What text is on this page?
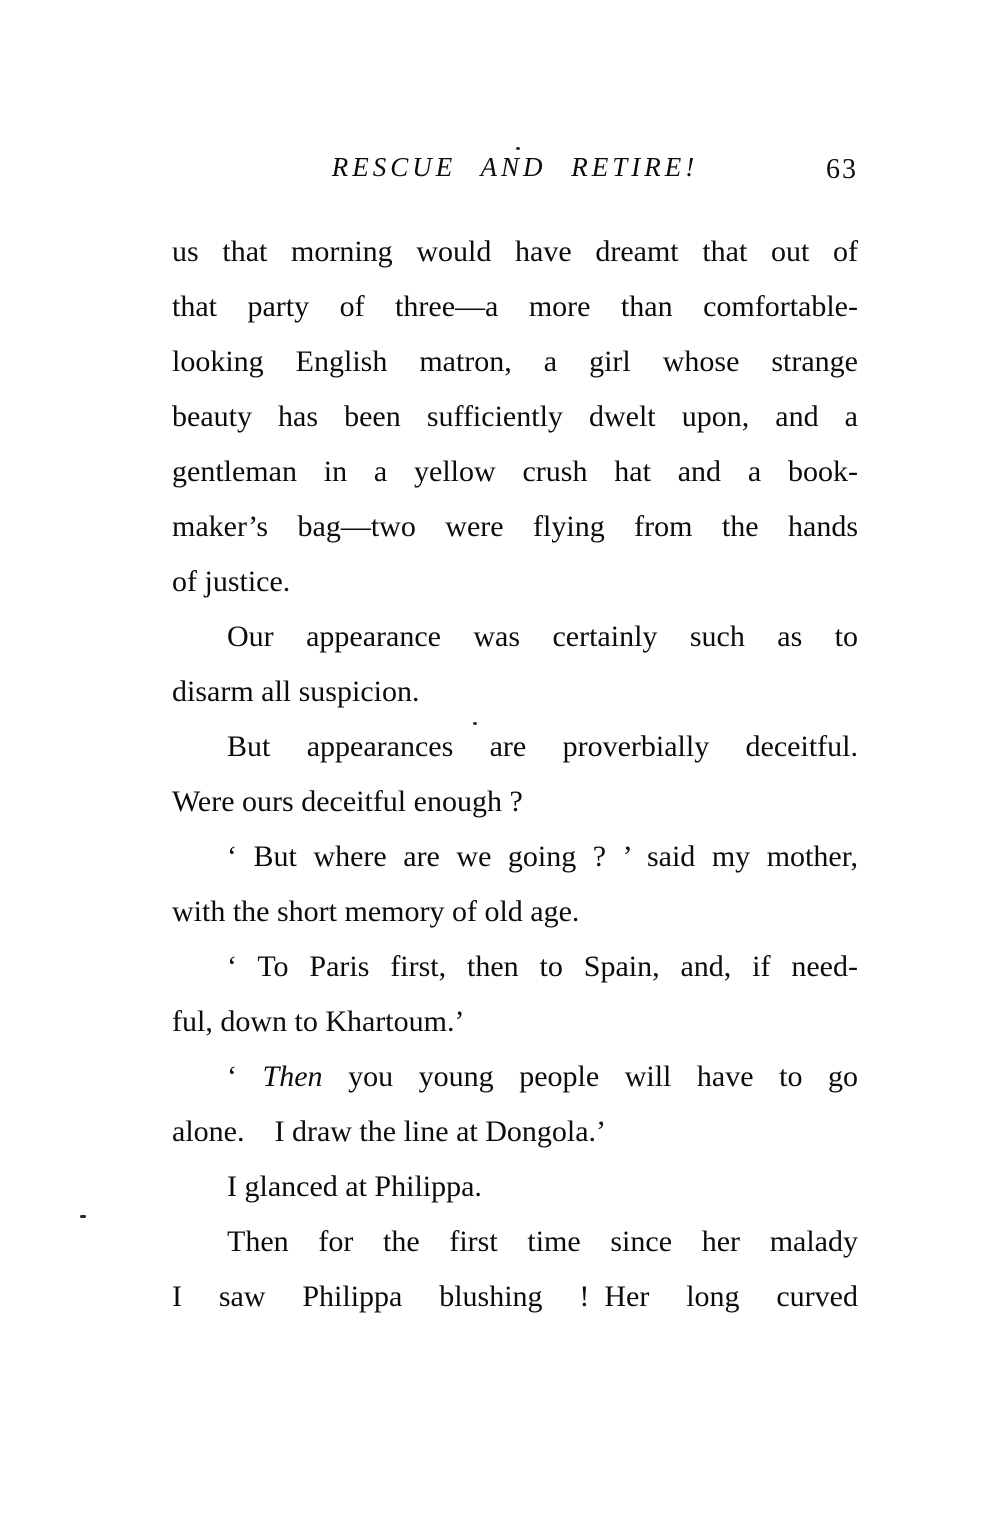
RESCUE AND RETIRE!	63
us that morning would have dreamt that out of
that party of three—a more than comfortable-
looking English matron, a girl whose strange
beauty has been sufficiently dwelt upon, and a
gentleman in a yellow crush hat and a book-
maker’s bag—two were flying from the hands
of justice.
Our appearance was certainly such as to
disarm all suspicion.
But appearances are proverbially deceitful.
Were ours deceitful enough ?
‘ But where are we going ? ’ said my mother,
with the short memory of old age.
‘ To Paris first, then to Spain, and, if need-
ful, down to Khartoum.’
‘ Then you young people will have to go
alone.  I draw the line at Dongola.’
I glanced at Philippa.
Then for the first time since her malady
I saw Philippa blushing ! Her long curved
